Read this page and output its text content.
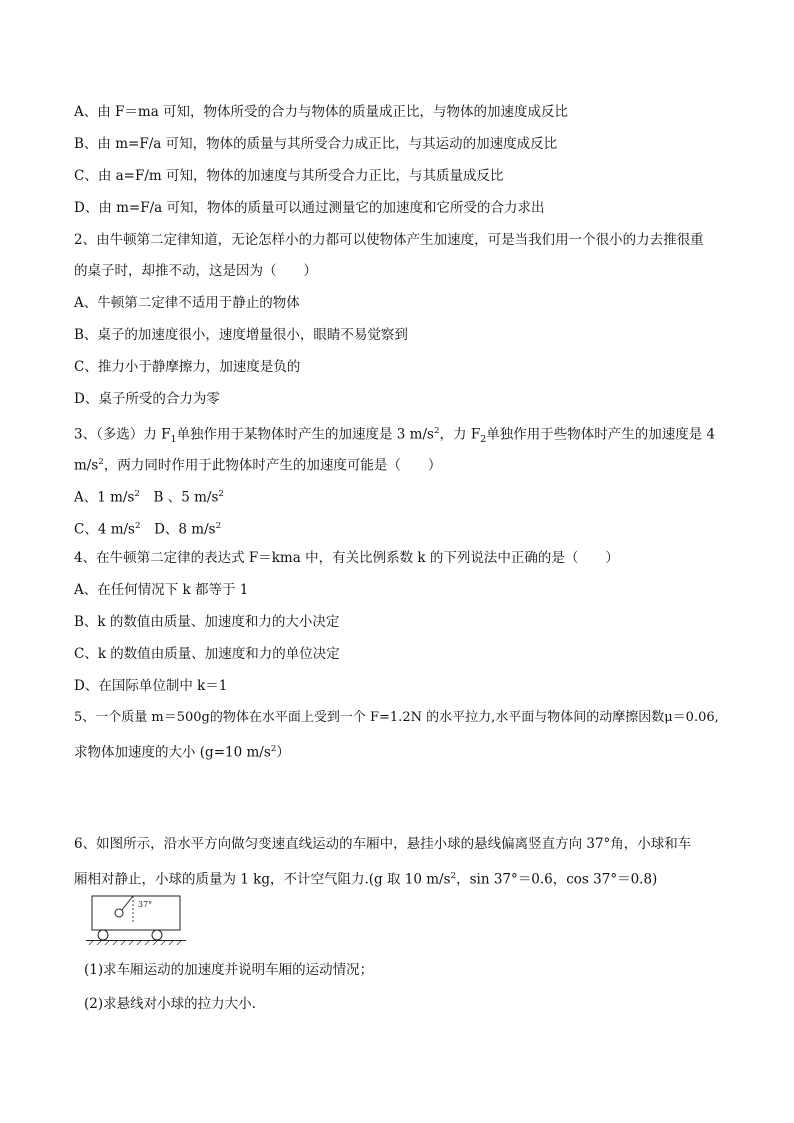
A、由 F＝ma 可知，物体所受的合力与物体的质量成正比，与物体的加速度成反比
B、由 m=F/a 可知，物体的质量与其所受合力成正比，与其运动的加速度成反比
C、由 a=F/m 可知，物体的加速度与其所受合力正比，与其质量成反比
D、由 m=F/a 可知，物体的质量可以通过测量它的加速度和它所受的合力求出
2、由牛顿第二定律知道，无论怎样小的力都可以使物体产生加速度，可是当我们用一个很小的力去推很重
的桌子时，却推不动，这是因为（　　）
A、牛顿第二定律不适用于静止的物体
B、桌子的加速度很小，速度增量很小，眼睛不易觉察到
C、推力小于静摩擦力，加速度是负的
D、桌子所受的合力为零
3、（多选）力 $F_1$单独作用于某物体时产生的加速度是 3 $m/s^2$，力 $F_2$单独作用于些物体时产生的加速度是 4
$m/s^2$，两力同时作用于此物体时产生的加速度可能是（　　）
A、1 $m/s^2$　B 、5 $m/s^2$
C、4 $m/s^2$　D、8 $m/s^2$
4、在牛顿第二定律的表达式 F＝kma 中，有关比例系数 k 的下列说法中正确的是（　　）
A、在任何情况下 k 都等于 1
B、k 的数值由质量、加速度和力的大小决定
C、k 的数值由质量、加速度和力的单位决定
D、在国际单位制中 k＝1
5、一个质量 m＝500g的物体在水平面上受到一个 F=1.2N 的水平拉力,水平面与物体间的动摩擦因数μ＝0.06,
求物体加速度的大小 (g=10 $m/s^2$）
6、如图所示，沿水平方向做匀变速直线运动的车厢中，悬挂小球的悬线偏离竖直方向 37°角，小球和车
厢相对静止，小球的质量为 1 kg，不计空气阻力.(g 取 10 $m/s^2$，sin 37°＝0.6，cos 37°＝0.8)
37°
(1)求车厢运动的加速度并说明车厢的运动情况；
(2)求悬线对小球的拉力大小.
